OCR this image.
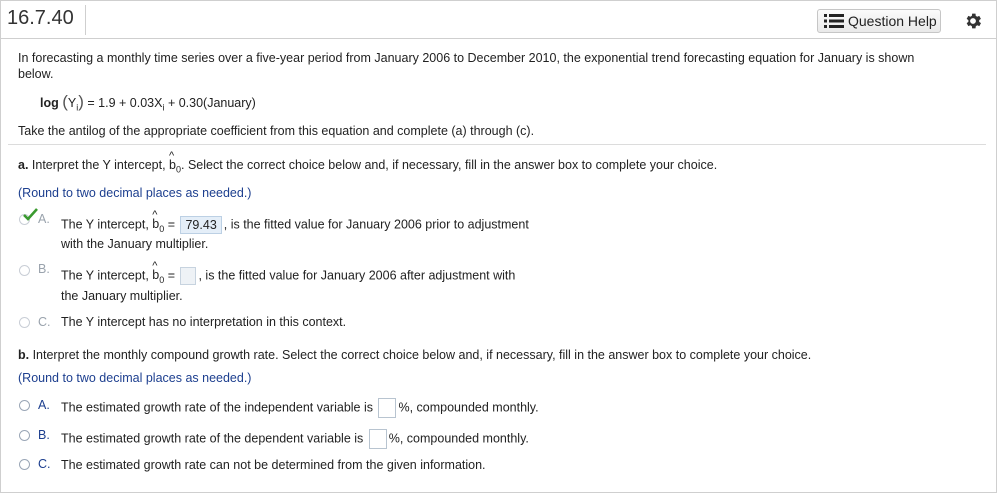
16.7.40	Question Help
In forecasting a monthly time series over a five-year period from January 2006 to December 2010, the exponential trend forecasting equation for January is shown
below.
$\log (Y_i) = 1.9 + 0.03X_i$ + 0.30(January)
Take the antilog of the appropriate coefficient from this equation and complete (a) through (c).
a. Interpret the Y intercept, ^ $b_0$. Select the correct choice below and, if necessary, fill in the answer box to complete your choice.
(Round to two decimal places as needed.)
A. The Y intercept, ^ $b_0 = 79.43$ , is the fitted value for January 2006 prior to adjustment
with the January multiplier.
B. The Y intercept, ^ $b_0$ = , is the fitted value for January 2006 after adjustment with
the January multiplier.
C. The Y intercept has no interpretation in this context.
b. Interpret the monthly compound growth rate. Select the correct choice below and, if necessary, fill in the answer box to complete your choice.
(Round to two decimal places as needed.)
A. The estimated growth rate of the independent variable is %, compounded monthly.
B. The estimated growth rate of the dependent variable is %, compounded monthly.
C. The estimated growth rate can not be determined from the given information.
